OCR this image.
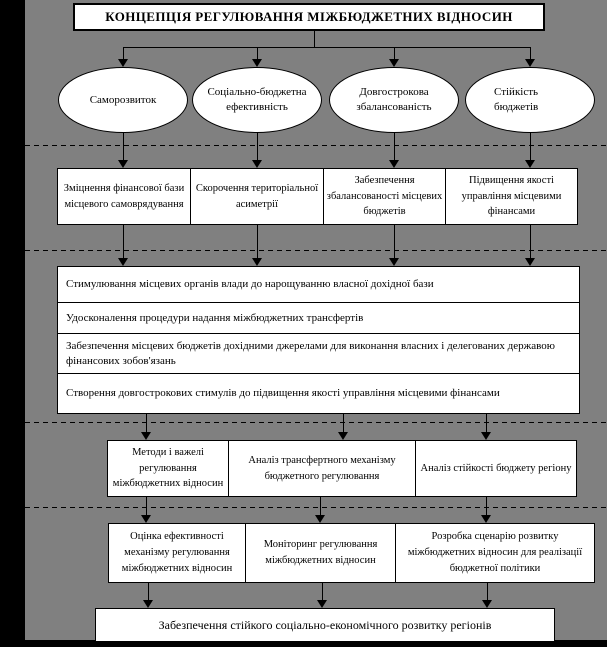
КОНЦЕПЦІЯ РЕГУЛЮВАННЯ МІЖБЮДЖЕТНИХ ВІДНОСИН
Саморозвиток
Соціально-бюджетна ефективність
Довгострокова збалансованість
Стійкість бюджетів
Зміцнення фінансової бази місцевого самоврядування
Скорочення територіальної асиметрії
Забезпечення збалансованості місцевих бюджетів
Підвищення якості управління місцевими фінансами
Стимулювання місцевих органів влади до нарощуванню власної дохідної бази
Удосконалення процедури надання міжбюджетних трансфертів
Забезпечення місцевих бюджетів дохідними джерелами для виконання власних і делегованих державою фінансових зобов'язань
Створення довгострокових стимулів до підвищення якості управління місцевими фінансами
Методи і важелі регулювання міжбюджетних відносин
Аналіз трансфертного механізму бюджетного регулювання
Аналіз стійкості бюджету регіону
Оцінка ефективності механізму регулювання міжбюджетних відносин
Моніторинг регулювання міжбюджетних відносин
Розробка сценарію розвитку міжбюджетних відносин для реалізації бюджетної політики
Забезпечення стійкого соціально-економічного розвитку регіонів
